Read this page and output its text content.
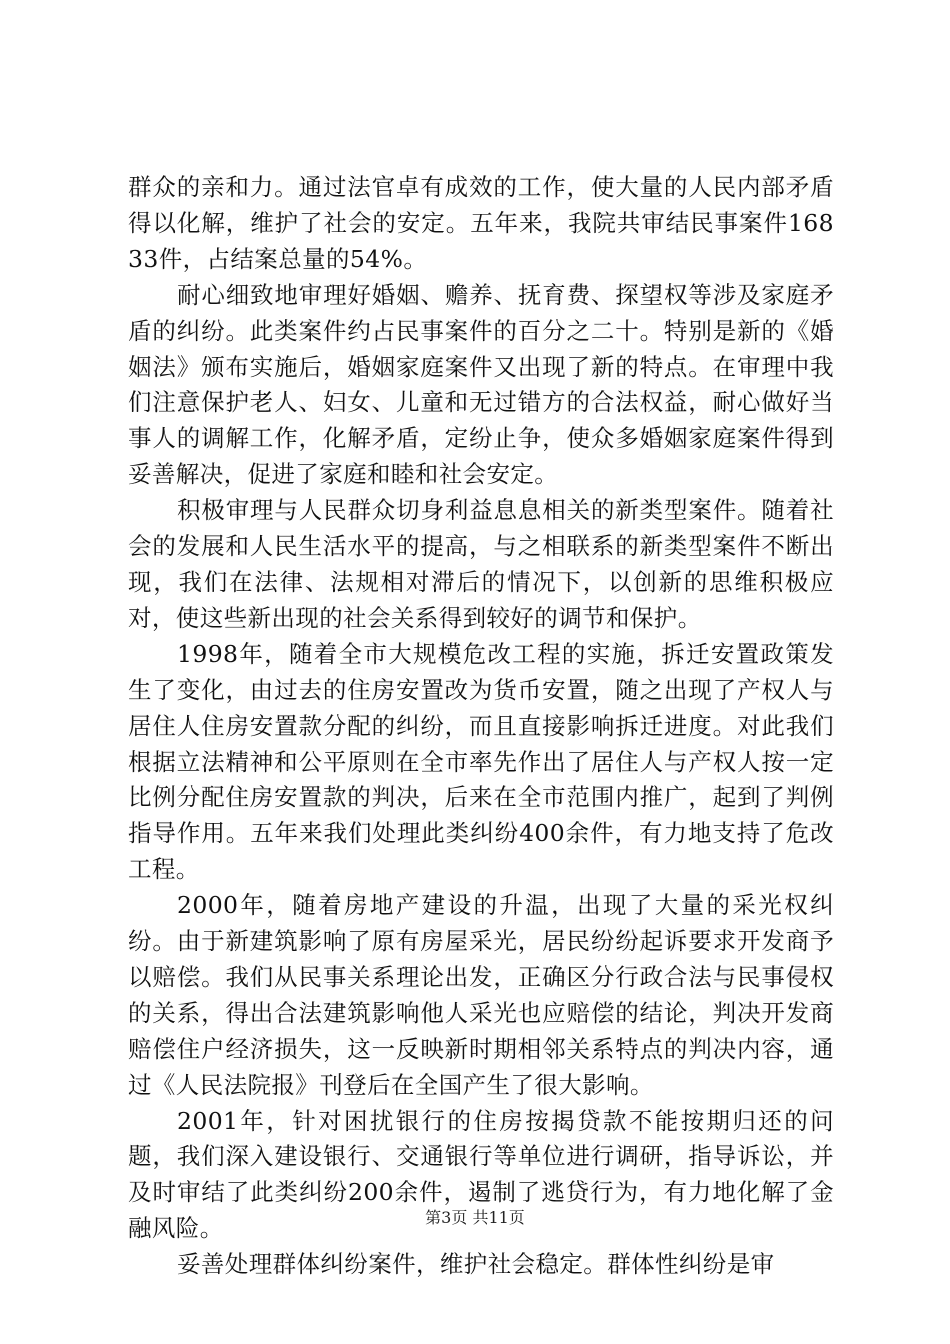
群众的亲和力。通过法官卓有成效的工作，使大量的人民内部矛盾得以化解，维护了社会的安定。五年来，我院共审结民事案件16833件，占结案总量的54%。

耐心细致地审理好婚姻、赡养、抚育费、探望权等涉及家庭矛盾的纠纷。此类案件约占民事案件的百分之二十。特别是新的《婚姻法》颁布实施后，婚姻家庭案件又出现了新的特点。在审理中我们注意保护老人、妇女、儿童和无过错方的合法权益，耐心做好当事人的调解工作，化解矛盾，定纷止争，使众多婚姻家庭案件得到妥善解决，促进了家庭和睦和社会安定。

积极审理与人民群众切身利益息息相关的新类型案件。随着社会的发展和人民生活水平的提高，与之相联系的新类型案件不断出现，我们在法律、法规相对滞后的情况下，以创新的思维积极应对，使这些新出现的社会关系得到较好的调节和保护。

1998年，随着全市大规模危改工程的实施，拆迁安置政策发生了变化，由过去的住房安置改为货币安置，随之出现了产权人与居住人住房安置款分配的纠纷，而且直接影响拆迁进度。对此我们根据立法精神和公平原则在全市率先作出了居住人与产权人按一定比例分配住房安置款的判决，后来在全市范围内推广，起到了判例指导作用。五年来我们处理此类纠纷400余件，有力地支持了危改工程。

2000年，随着房地产建设的升温，出现了大量的采光权纠纷。由于新建筑影响了原有房屋采光，居民纷纷起诉要求开发商予以赔偿。我们从民事关系理论出发，正确区分行政合法与民事侵权的关系，得出合法建筑影响他人采光也应赔偿的结论，判决开发商赔偿住户经济损失，这一反映新时期相邻关系特点的判决内容，通过《人民法院报》刊登后在全国产生了很大影响。

2001年，针对困扰银行的住房按揭贷款不能按期归还的问题，我们深入建设银行、交通银行等单位进行调研，指导诉讼，并及时审结了此类纠纷200余件，遏制了逃贷行为，有力地化解了金融风险。

妥善处理群体纠纷案件，维护社会稳定。群体性纠纷是审

第3页 共11页
